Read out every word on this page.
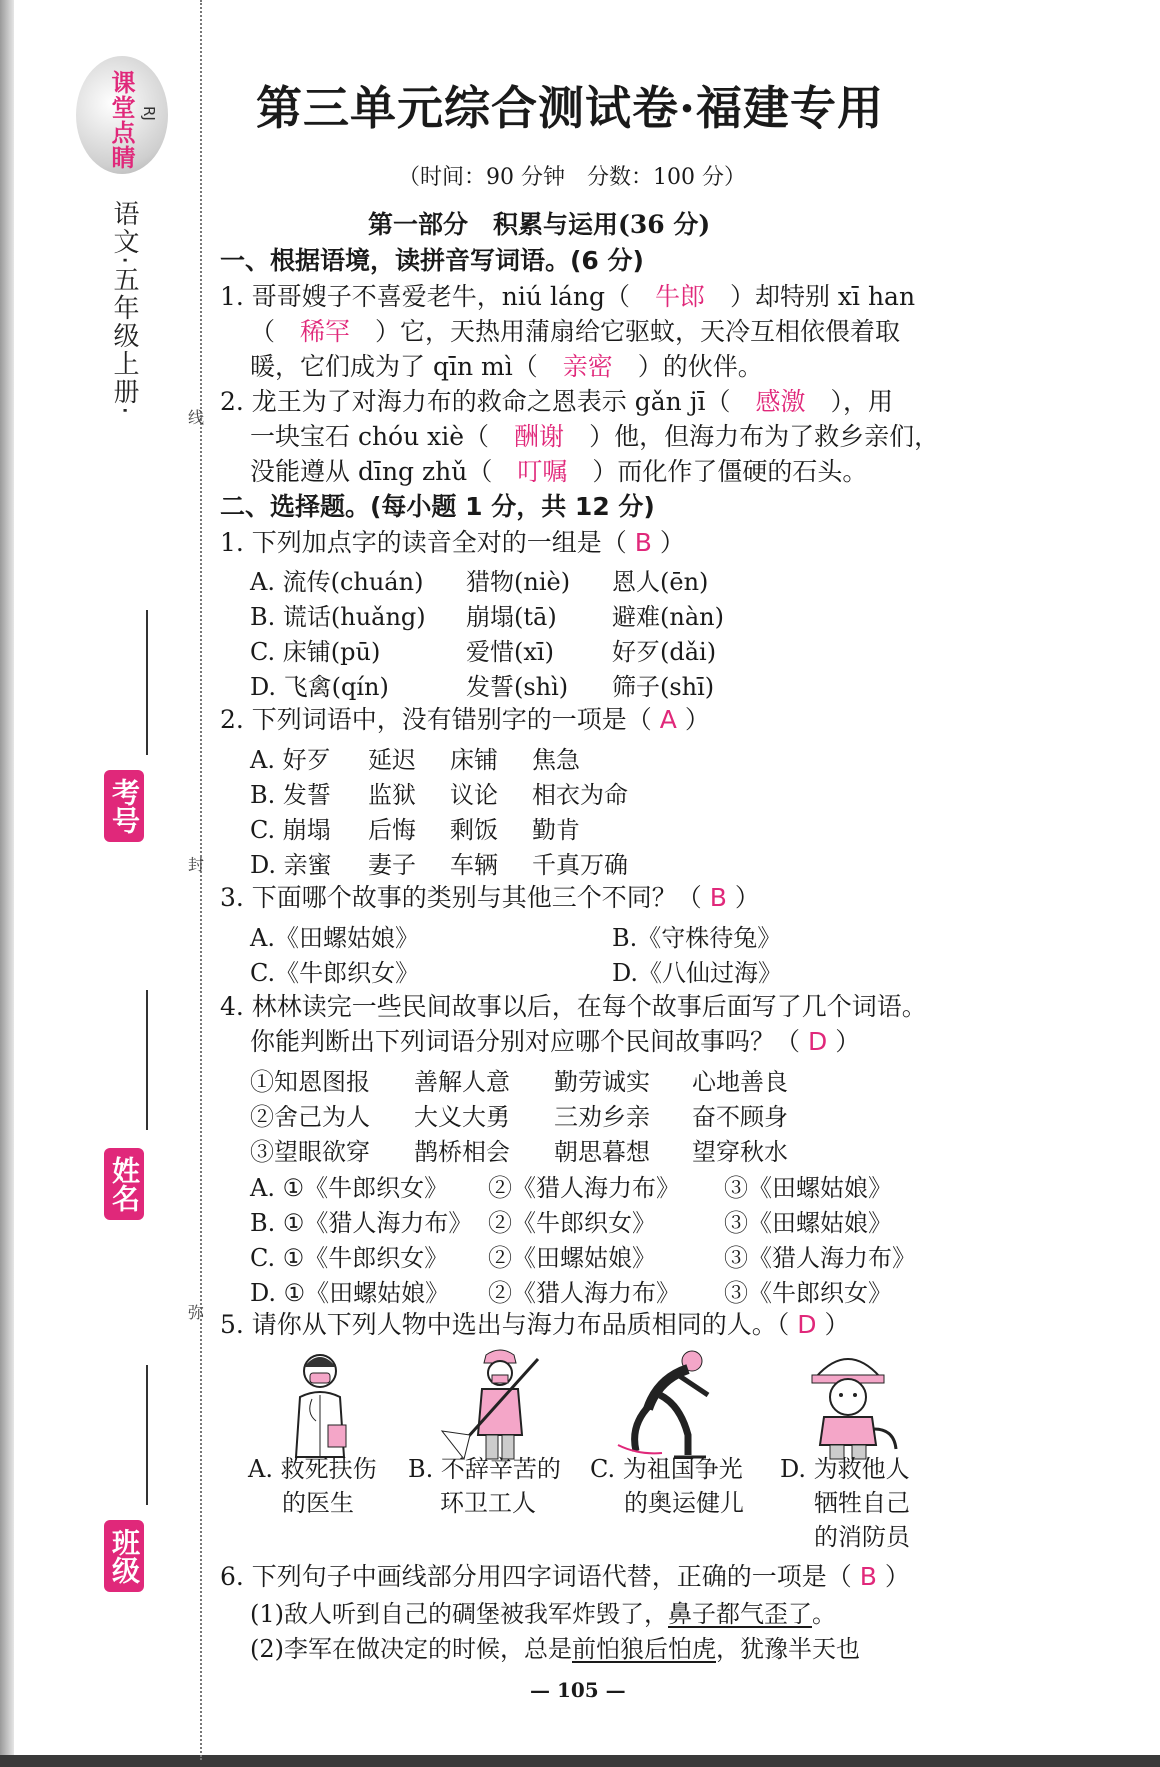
线
封
弥
课堂点睛 RJ
语文·五年级上册·
考号
姓名
班级
第三单元综合测试卷·福建专用
（时间：90 分钟　分数：100 分）
第一部分　积累与运用(36 分)
一、根据语境，读拼音写词语。(6 分)
1. 哥哥嫂子不喜爱老牛，niú láng（　牛郎　）却特别 xī han
（　稀罕　）它，天热用蒲扇给它驱蚊，天冷互相依偎着取
暖，它们成为了 qīn mì（　亲密　）的伙伴。
2. 龙王为了对海力布的救命之恩表示 gǎn jī（　感激　），用
一块宝石 chóu xiè（　酬谢　）他，但海力布为了救乡亲们，
没能遵从 dīng zhǔ（　叮嘱　）而化作了僵硬的石头。
二、选择题。(每小题 1 分，共 12 分)
1. 下列加点字的读音全对的一组是（ B ）
A. 流传(chuán) 猎物(niè) 恩人(ēn)
B. 谎话(huǎng) 崩塌(tā) 避难(nàn)
C. 床铺(pū)	爱惜(xī) 好歹(dǎi)
D. 飞禽(qín)	发誓(shì) 筛子(shī)
2. 下列词语中，没有错别字的一项是（ A ）
A. 好歹 延迟 床铺 焦急
B. 发誓 监狱 议论 相衣为命
C. 崩塌 后悔 剩饭 勤肯
D. 亲蜜 妻子 车辆 千真万确
3. 下面哪个故事的类别与其他三个不同？（ B ）
A.《田螺姑娘》	B.《守株待兔》
C.《牛郎织女》	D.《八仙过海》
4. 林林读完一些民间故事以后，在每个故事后面写了几个词语。
你能判断出下列词语分别对应哪个民间故事吗？（ D ）
①知恩图报 善解人意 勤劳诚实 心地善良
②舍己为人 大义大勇 三劝乡亲 奋不顾身
③望眼欲穿 鹊桥相会 朝思暮想 望穿秋水
A. ①《牛郎织女》 ②《猎人海力布》 ③《田螺姑娘》
B. ①《猎人海力布》 ②《牛郎织女》	③《田螺姑娘》
C. ①《牛郎织女》 ②《田螺姑娘》	③《猎人海力布》
D. ①《田螺姑娘》 ②《猎人海力布》 ③《牛郎织女》
5. 请你从下列人物中选出与海力布品质相同的人。（ D ）
A. 救死扶伤
的医生
B. 不辞辛苦的
环卫工人
C. 为祖国争光
的奥运健儿
D. 为救他人
牺牲自己
的消防员
6. 下列句子中画线部分用四字词语代替，正确的一项是（ B ）
(1)敌人听到自己的碉堡被我军炸毁了，鼻子都气歪了。
(2)李军在做决定的时候，总是前怕狼后怕虎，犹豫半天也
— 105 —
